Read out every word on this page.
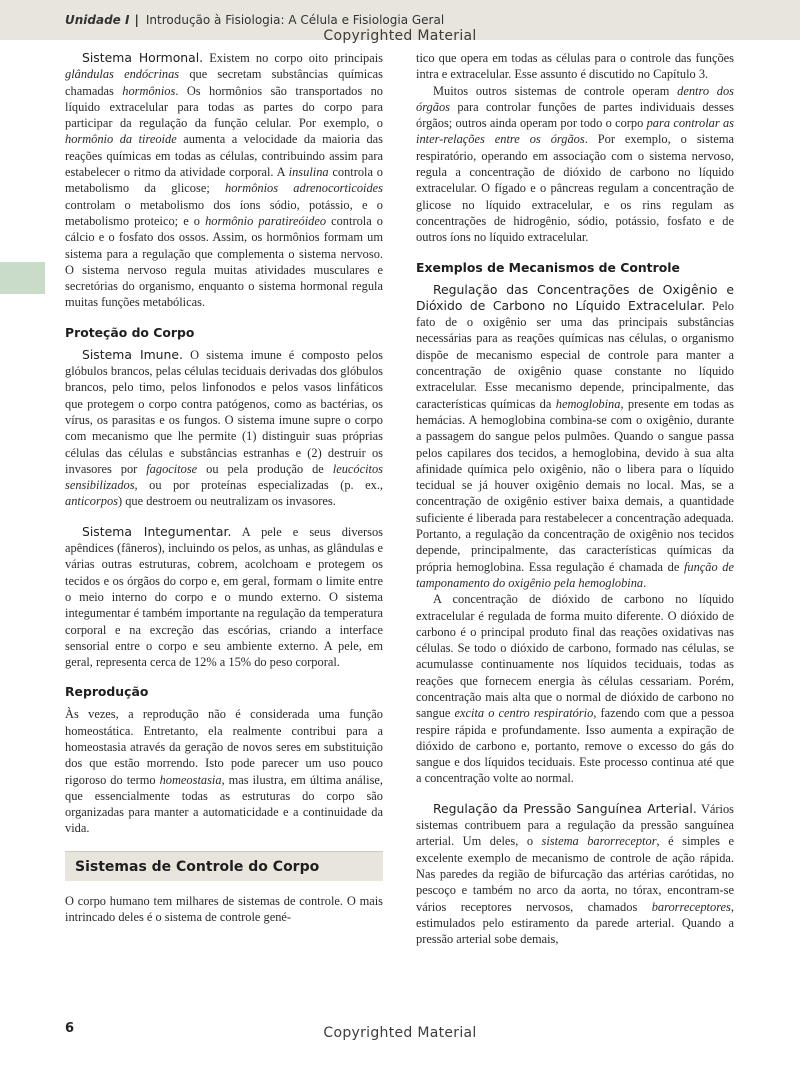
Unidade I | Introdução à Fisiologia: A Célula e Fisiologia Geral
Copyrighted Material

Sistema Hormonal. Existem no corpo oito principais glândulas endócrinas que secretam substâncias químicas chamadas hormônios. Os hormônios são transportados no líquido extracelular para todas as partes do corpo para participar da regulação da função celular. Por exemplo, o hormônio da tireoide aumenta a velocidade da maioria das reações químicas em todas as células, contribuindo assim para estabelecer o ritmo da atividade corporal. A insulina controla o metabolismo da glicose; hormônios adrenocorticoides controlam o metabolismo dos íons sódio, potássio, e o metabolismo proteico; e o hormônio paratireóideo controla o cálcio e o fosfato dos ossos. Assim, os hormônios formam um sistema para a regulação que complementa o sistema nervoso. O sistema nervoso regula muitas atividades musculares e secretórias do organismo, enquanto o sistema hormonal regula muitas funções metabólicas.

Proteção do Corpo

Sistema Imune. O sistema imune é composto pelos glóbulos brancos, pelas células teciduais derivadas dos glóbulos brancos, pelo timo, pelos linfonodos e pelos vasos linfáticos que protegem o corpo contra patógenos, como as bactérias, os vírus, os parasitas e os fungos. O sistema imune supre o corpo com mecanismo que lhe permite (1) distinguir suas próprias células das células e substâncias estranhas e (2) destruir os invasores por fagocitose ou pela produção de leucócitos sensibilizados, ou por proteínas especializadas (p. ex., anticorpos) que destroem ou neutralizam os invasores.

Sistema Integumentar. A pele e seus diversos apêndices (fâneros), incluindo os pelos, as unhas, as glândulas e várias outras estruturas, cobrem, acolchoam e protegem os tecidos e os órgãos do corpo e, em geral, formam o limite entre o meio interno do corpo e o mundo externo. O sistema integumentar é também importante na regulação da temperatura corporal e na excreção das escórias, criando a interface sensorial entre o corpo e seu ambiente externo. A pele, em geral, representa cerca de 12% a 15% do peso corporal.

Reprodução

Às vezes, a reprodução não é considerada uma função homeostática. Entretanto, ela realmente contribui para a homeostasia através da geração de novos seres em substituição dos que estão morrendo. Isto pode parecer um uso pouco rigoroso do termo homeostasia, mas ilustra, em última análise, que essencialmente todas as estruturas do corpo são organizadas para manter a automaticidade e a continuidade da vida.

Sistemas de Controle do Corpo

O corpo humano tem milhares de sistemas de controle. O mais intrincado deles é o sistema de controle gené-

tico que opera em todas as células para o controle das funções intra e extracelular. Esse assunto é discutido no Capítulo 3.

Muitos outros sistemas de controle operam dentro dos órgãos para controlar funções de partes individuais desses órgãos; outros ainda operam por todo o corpo para controlar as inter-relações entre os órgãos. Por exemplo, o sistema respiratório, operando em associação com o sistema nervoso, regula a concentração de dióxido de carbono no líquido extracelular. O fígado e o pâncreas regulam a concentração de glicose no líquido extracelular, e os rins regulam as concentrações de hidrogênio, sódio, potássio, fosfato e de outros íons no líquido extracelular.

Exemplos de Mecanismos de Controle

Regulação das Concentrações de Oxigênio e Dióxido de Carbono no Líquido Extracelular. Pelo fato de o oxigênio ser uma das principais substâncias necessárias para as reações químicas nas células, o organismo dispõe de mecanismo especial de controle para manter a concentração de oxigênio quase constante no líquido extracelular. Esse mecanismo depende, principalmente, das características químicas da hemoglobina, presente em todas as hemácias. A hemoglobina combina-se com o oxigênio, durante a passagem do sangue pelos pulmões. Quando o sangue passa pelos capilares dos tecidos, a hemoglobina, devido à sua alta afinidade química pelo oxigênio, não o libera para o líquido tecidual se já houver oxigênio demais no local. Mas, se a concentração de oxigênio estiver baixa demais, a quantidade suficiente é liberada para restabelecer a concentração adequada. Portanto, a regulação da concentração de oxigênio nos tecidos depende, principalmente, das características químicas da própria hemoglobina. Essa regulação é chamada de função de tamponamento do oxigênio pela hemoglobina.

A concentração de dióxido de carbono no líquido extracelular é regulada de forma muito diferente. O dióxido de carbono é o principal produto final das reações oxidativas nas células. Se todo o dióxido de carbono, formado nas células, se acumulasse continuamente nos líquidos teciduais, todas as reações que fornecem energia às células cessariam. Porém, concentração mais alta que o normal de dióxido de carbono no sangue excita o centro respiratório, fazendo com que a pessoa respire rápida e profundamente. Isso aumenta a expiração de dióxido de carbono e, portanto, remove o excesso do gás do sangue e dos líquidos teciduais. Este processo continua até que a concentração volte ao normal.

Regulação da Pressão Sanguínea Arterial. Vários sistemas contribuem para a regulação da pressão sanguínea arterial. Um deles, o sistema barorreceptor, é simples e excelente exemplo de mecanismo de controle de ação rápida. Nas paredes da região de bifurcação das artérias carótidas, no pescoço e também no arco da aorta, no tórax, encontram-se vários receptores nervosos, chamados barorreceptores, estimulados pelo estiramento da parede arterial. Quando a pressão arterial sobe demais,

6	Copyrighted Material
